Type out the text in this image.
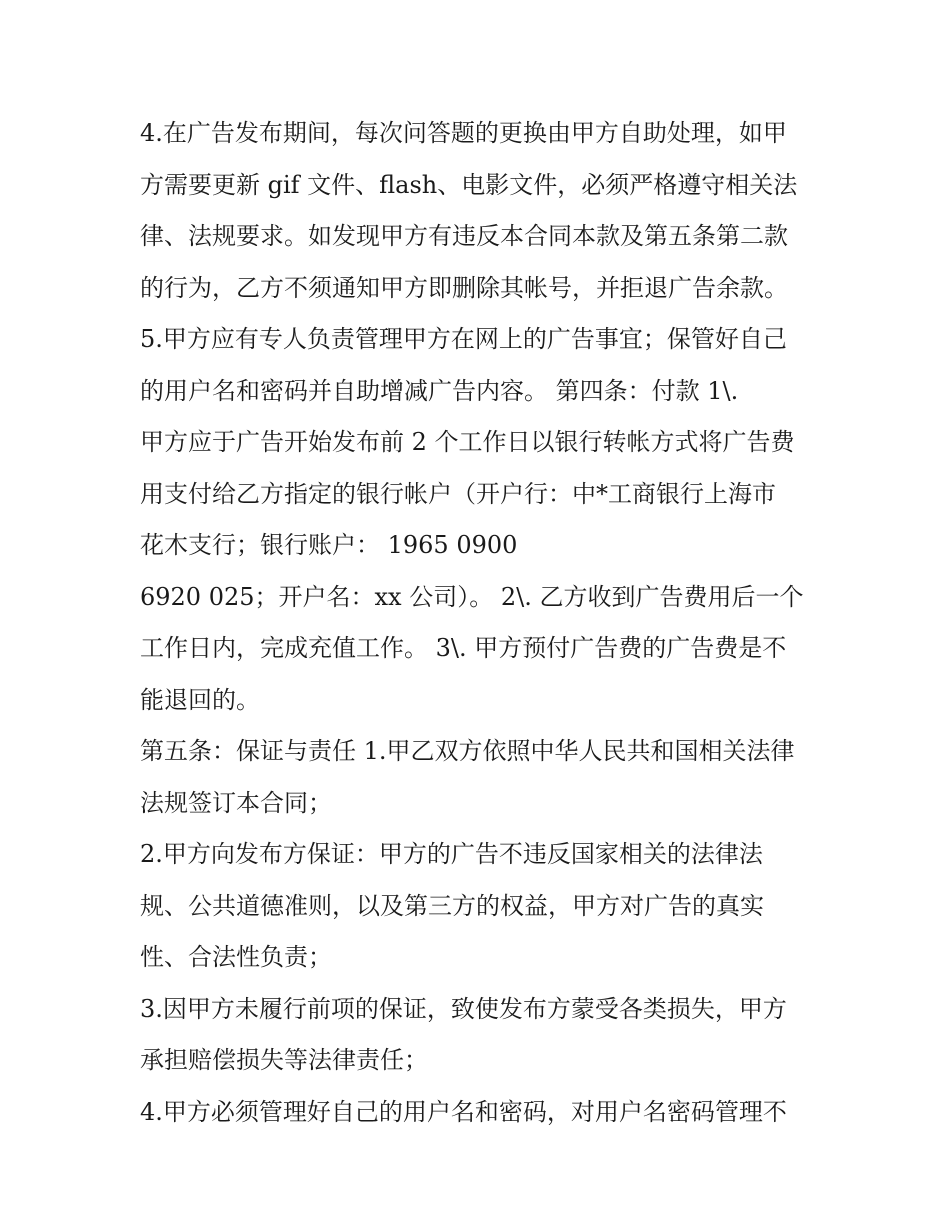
4.在广告发布期间，每次问答题的更换由甲方自助处理，如甲
方需要更新 gif 文件、flash、电影文件，必须严格遵守相关法
律、法规要求。如发现甲方有违反本合同本款及第五条第二款
的行为，乙方不须通知甲方即删除其帐号，并拒退广告余款。
5.甲方应有专人负责管理甲方在网上的广告事宜；保管好自己
的用户名和密码并自助增减广告内容。 第四条：付款 1\.
甲方应于广告开始发布前 2 个工作日以银行转帐方式将广告费
用支付给乙方指定的银行帐户（开户行：中*工商银行上海市
花木支行；银行账户： 1965 0900
6920 025；开户名：xx 公司）。 2\. 乙方收到广告费用后一个
工作日内，完成充值工作。 3\. 甲方预付广告费的广告费是不
能退回的。
第五条：保证与责任 1.甲乙双方依照中华人民共和国相关法律
法规签订本合同；
2.甲方向发布方保证：甲方的广告不违反国家相关的法律法
规、公共道德准则，以及第三方的权益，甲方对广告的真实
性、合法性负责；
3.因甲方未履行前项的保证，致使发布方蒙受各类损失，甲方
承担赔偿损失等法律责任；
4.甲方必须管理好自己的用户名和密码，对用户名密码管理不
